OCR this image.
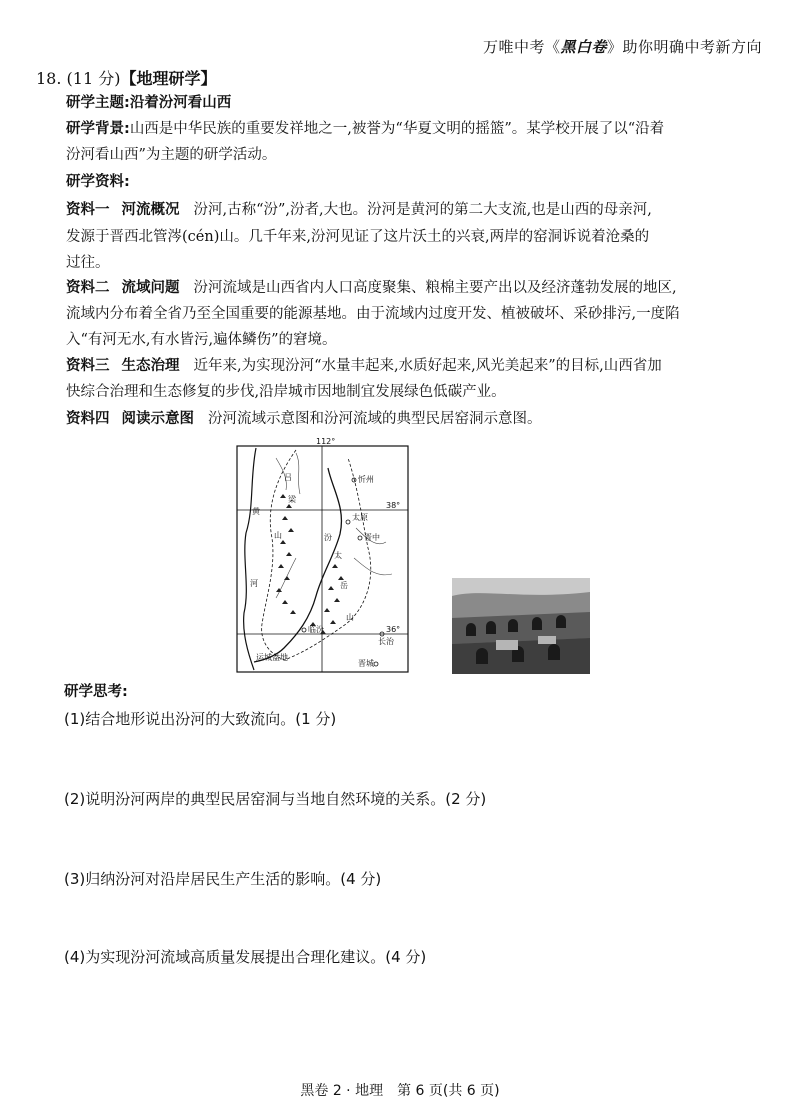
万唯中考《黑白卷》助你明确中考新方向
18. (11 分)【地理研学】
研学主题:沿着汾河看山西
研学背景:山西是中华民族的重要发祥地之一,被誉为“华夏文明的摇篮”。某学校开展了以“沿着
汾河看山西”为主题的研学活动。
研学资料:
资料一 河流概况 汾河,古称“汾”,汾者,大也。汾河是黄河的第二大支流,也是山西的母亲河,
发源于晋西北管涔(cén)山。几千年来,汾河见证了这片沃土的兴衰,两岸的窑洞诉说着沧桑的
过往。
资料二 流域问题 汾河流域是山西省内人口高度聚集、粮棉主要产出以及经济蓬勃发展的地区,
流域内分布着全省乃至全国重要的能源基地。由于流域内过度开发、植被破坏、采砂排污,一度陷
入“有河无水,有水皆污,遍体鳞伤”的窘境。
资料三 生态治理 近年来,为实现汾河“水量丰起来,水质好起来,风光美起来”的目标,山西省加
快综合治理和生态修复的步伐,沿岸城市因地制宜发展绿色低碳产业。
资料四 阅读示意图 汾河流域示意图和汾河流域的典型民居窑洞示意图。
112°
38°
36°
忻州
太原
晋中
临汾
长治
晋城
运城盆地
吕
梁
山
黄
河
汾
太
岳
山
研学思考:
(1)结合地形说出汾河的大致流向。(1 分)
(2)说明汾河两岸的典型民居窑洞与当地自然环境的关系。(2 分)
(3)归纳汾河对沿岸居民生产生活的影响。(4 分)
(4)为实现汾河流域高质量发展提出合理化建议。(4 分)
黑卷 2 · 地理　第 6 页(共 6 页)
